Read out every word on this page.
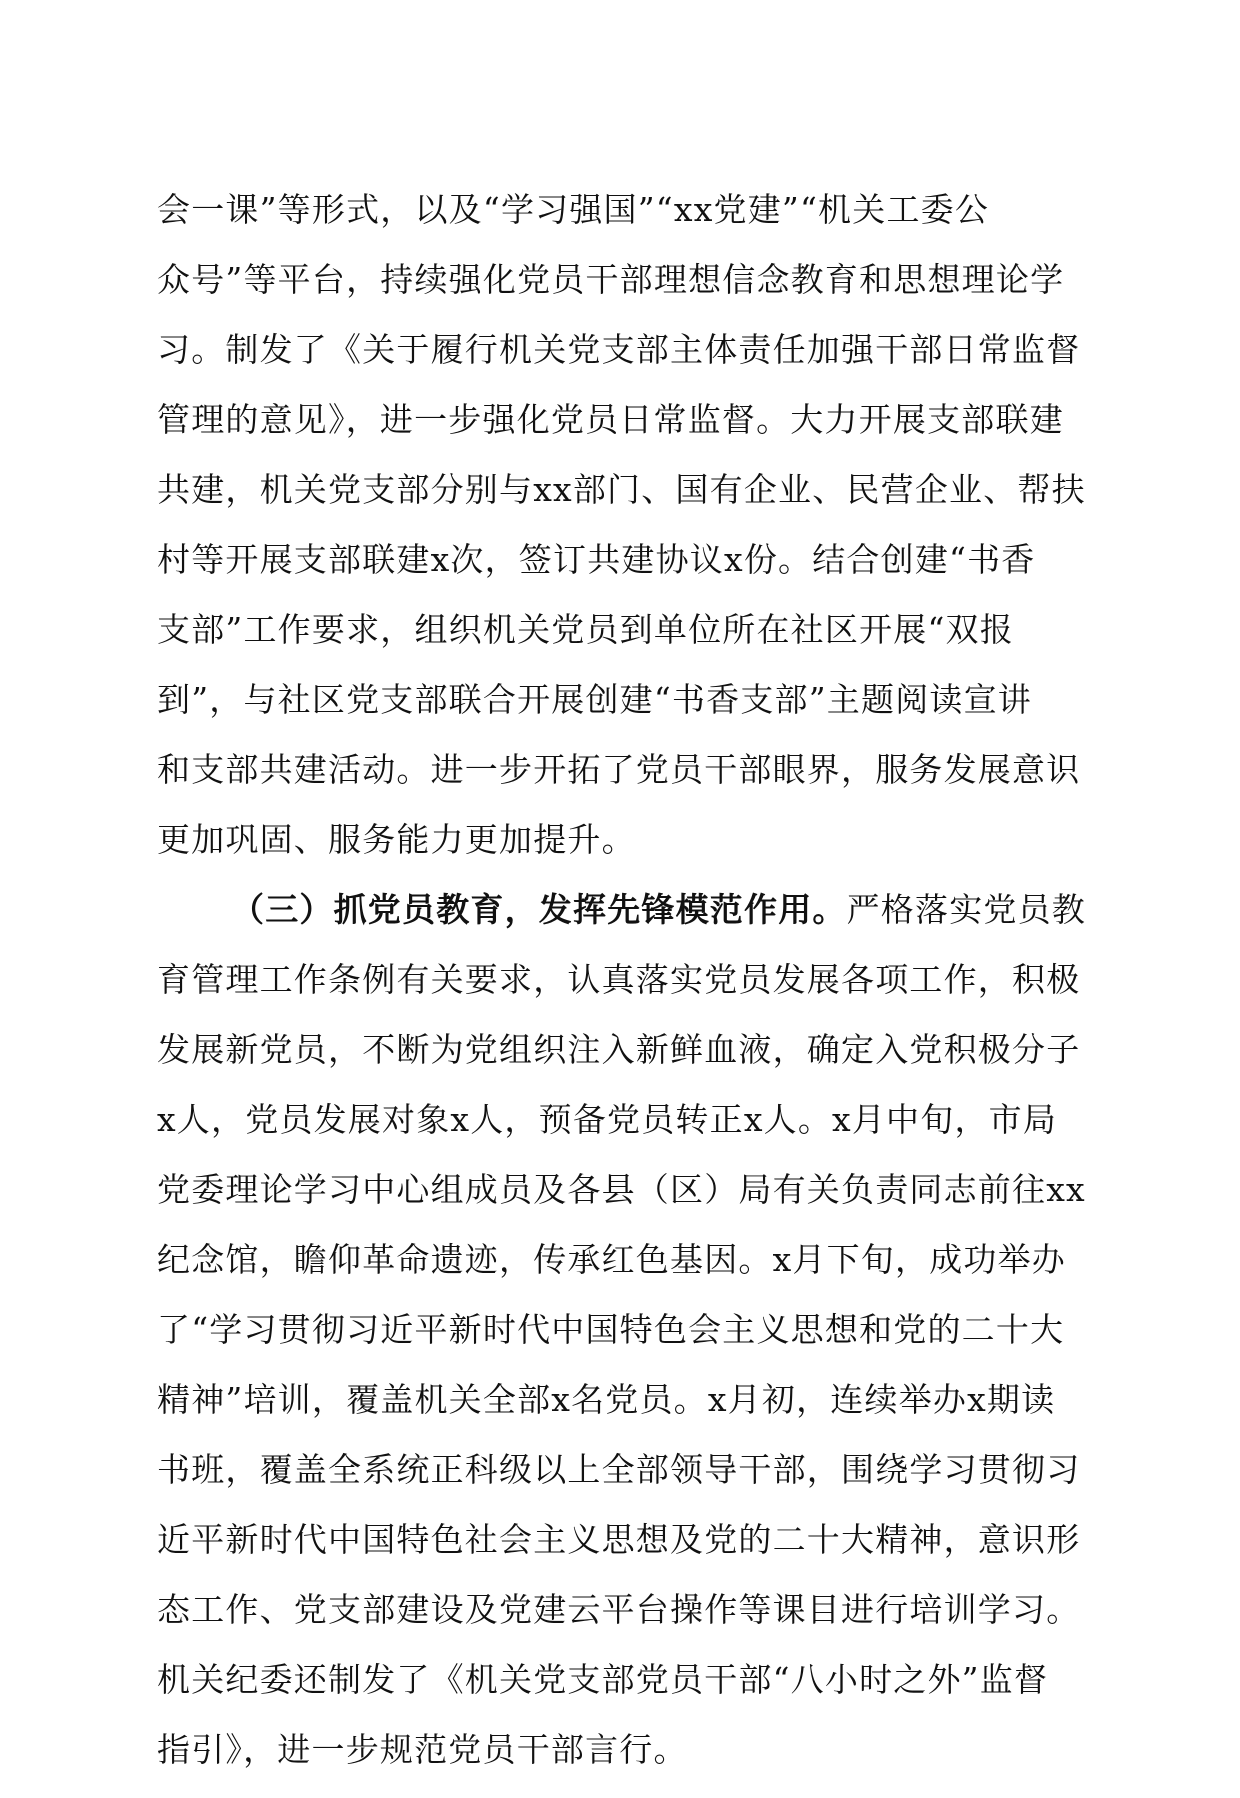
会一课”等形式，以及“学习强国”“xx党建”“机关工委公
众号”等平台，持续强化党员干部理想信念教育和思想理论学
习。制发了《关于履行机关党支部主体责任加强干部日常监督
管理的意见》，进一步强化党员日常监督。大力开展支部联建
共建，机关党支部分别与xx部门、国有企业、民营企业、帮扶
村等开展支部联建x次，签订共建协议x份。结合创建“书香
支部”工作要求，组织机关党员到单位所在社区开展“双报
到”，与社区党支部联合开展创建“书香支部”主题阅读宣讲
和支部共建活动。进一步开拓了党员干部眼界，服务发展意识
更加巩固、服务能力更加提升。
（三）抓党员教育，发挥先锋模范作用。严格落实党员教
育管理工作条例有关要求，认真落实党员发展各项工作，积极
发展新党员，不断为党组织注入新鲜血液，确定入党积极分子
x人，党员发展对象x人，预备党员转正x人。x月中旬，市局
党委理论学习中心组成员及各县（区）局有关负责同志前往xx
纪念馆，瞻仰革命遗迹，传承红色基因。x月下旬，成功举办
了“学习贯彻习近平新时代中国特色会主义思想和党的二十大
精神”培训，覆盖机关全部x名党员。x月初，连续举办x期读
书班，覆盖全系统正科级以上全部领导干部，围绕学习贯彻习
近平新时代中国特色社会主义思想及党的二十大精神，意识形
态工作、党支部建设及党建云平台操作等课目进行培训学习。
机关纪委还制发了《机关党支部党员干部“八小时之外”监督
指引》，进一步规范党员干部言行。
